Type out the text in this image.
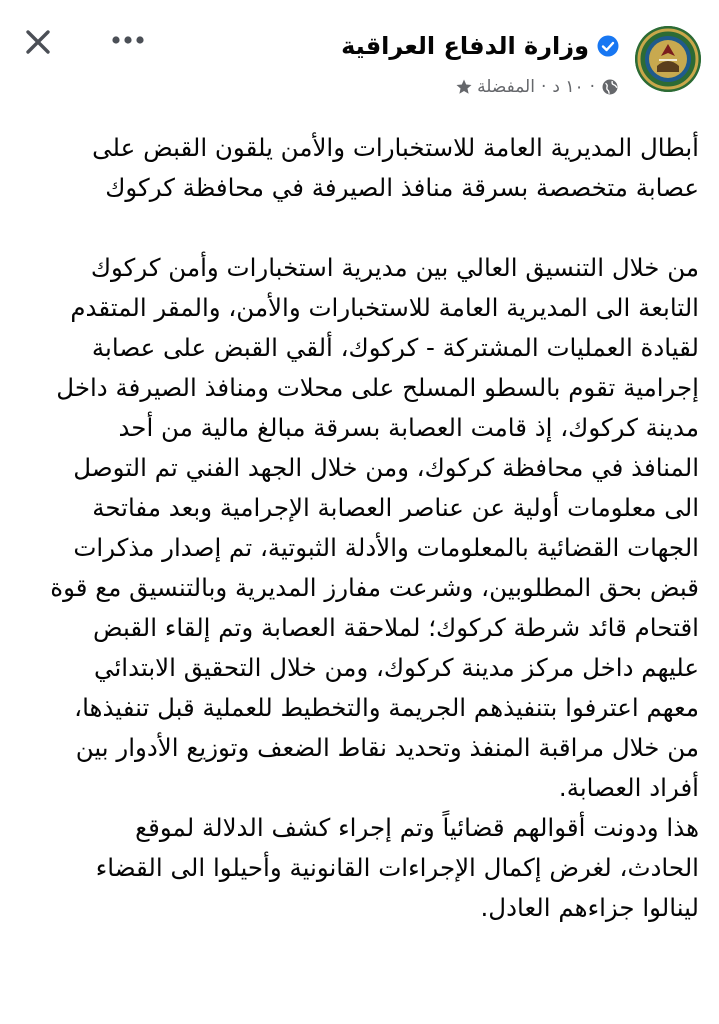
وزارة الدفاع العراقية
المفضلة · ١٠ د ·
أبطال المديرية العامة للاستخبارات والأمن يلقون القبض على
عصابة متخصصة بسرقة منافذ الصيرفة في محافظة كركوك
من خلال التنسيق العالي بين مديرية استخبارات وأمن كركوك
التابعة الى المديرية العامة للاستخبارات والأمن، والمقر المتقدم
لقيادة العمليات المشتركة - كركوك، ألقي القبض على عصابة
إجرامية تقوم بالسطو المسلح على محلات ومنافذ الصيرفة داخل
مدينة كركوك، إذ قامت العصابة بسرقة مبالغ مالية من أحد
المنافذ في محافظة كركوك، ومن خلال الجهد الفني تم التوصل
الى معلومات أولية عن عناصر العصابة الإجرامية وبعد مفاتحة
الجهات القضائية بالمعلومات والأدلة الثبوتية، تم إصدار مذكرات
قبض بحق المطلوبين، وشرعت مفارز المديرية وبالتنسيق مع قوة
اقتحام قائد شرطة كركوك؛ لملاحقة العصابة وتم إلقاء القبض
عليهم داخل مركز مدينة كركوك، ومن خلال التحقيق الابتدائي
معهم اعترفوا بتنفيذهم الجريمة والتخطيط للعملية قبل تنفيذها،
من خلال مراقبة المنفذ وتحديد نقاط الضعف وتوزيع الأدوار بين
أفراد العصابة.
هذا ودونت أقوالهم قضائياً وتم إجراء كشف الدلالة لموقع
الحادث، لغرض إكمال الإجراءات القانونية وأحيلوا الى القضاء
لينالوا جزاءهم العادل.
